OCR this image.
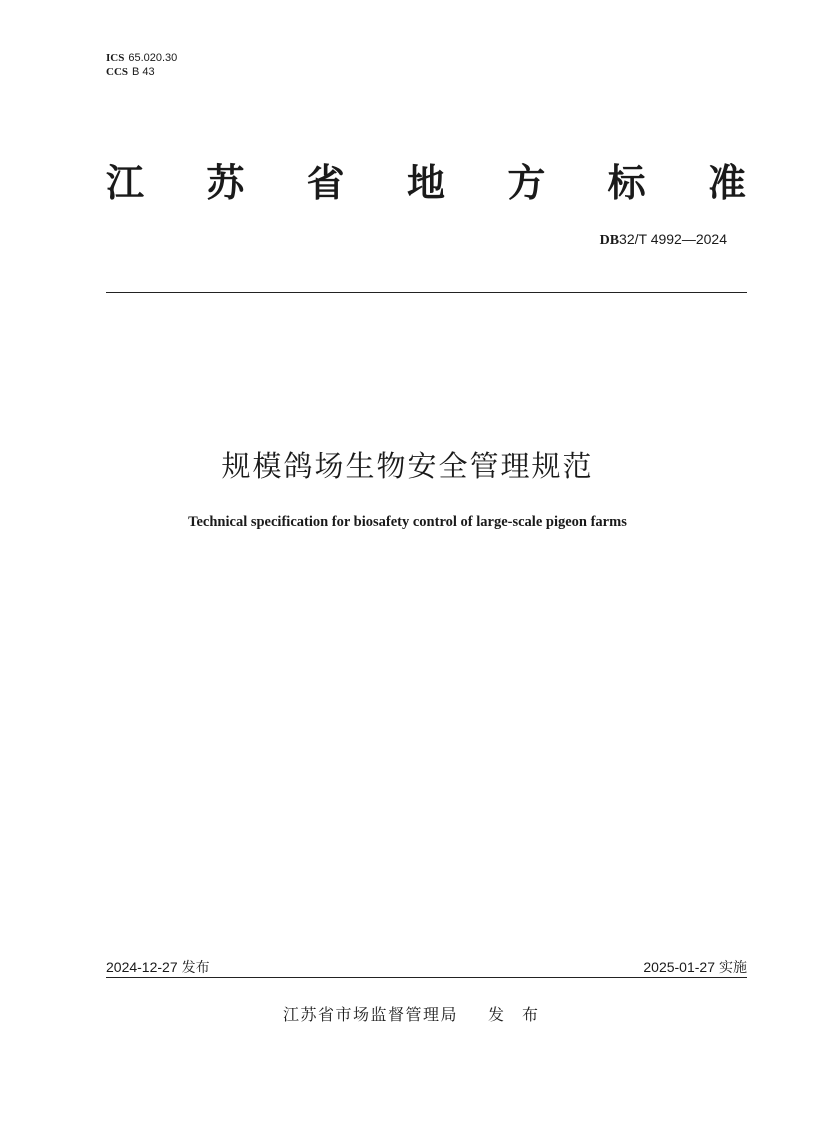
ICS 65.020.30
CCS B 43
江 苏 省 地 方 标 准
DB32/T 4992—2024
规模鸽场生物安全管理规范
Technical specification for biosafety control of large-scale pigeon farms
2024-12-27 发布	2025-01-27 实施
江苏省市场监督管理局 发布
